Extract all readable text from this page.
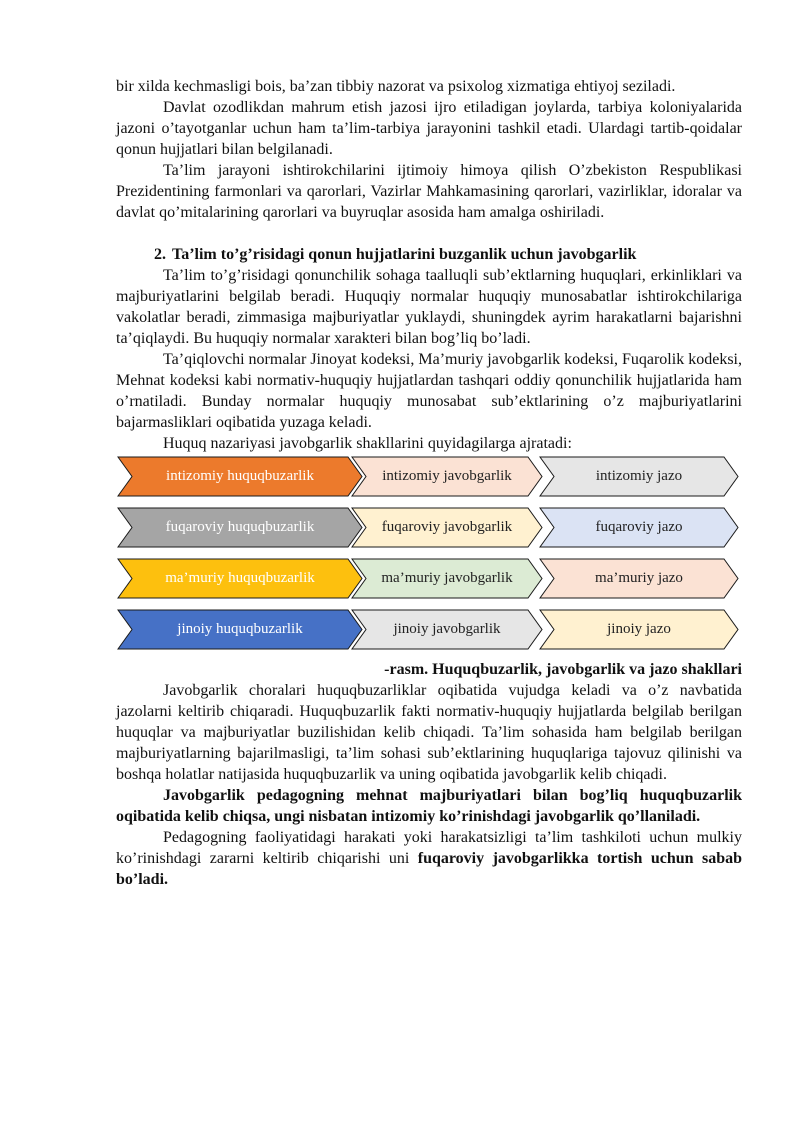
bir xilda kechmasligi bois, ba’zan tibbiy nazorat va psixolog xizmatiga ehtiyoj seziladi.

Davlat ozodlikdan mahrum etish jazosi ijro etiladigan joylarda, tarbiya koloniyalarida jazoni o’tayotganlar uchun ham ta’lim-tarbiya jarayonini tashkil etadi. Ulardagi tartib-qoidalar qonun hujjatlari bilan belgilanadi.

Ta’lim jarayoni ishtirokchilarini ijtimoiy himoya qilish O’zbekiston Respublikasi Prezidentining farmonlari va qarorlari, Vazirlar Mahkamasining qarorlari, vazirliklar, idoralar va davlat qo’mitalarining qarorlari va buyruqlar asosida ham amalga oshiriladi.

2. Ta’lim to’g’risidagi qonun hujjatlarini buzganlik uchun javobgarlik

Ta’lim to’g’risidagi qonunchilik sohaga taalluqli sub’ektlarning huquqlari, erkinliklari va majburiyatlarini belgilab beradi. Huquqiy normalar huquqiy munosabatlar ishtirokchilariga vakolatlar beradi, zimmasiga majburiyatlar yuklaydi, shuningdek ayrim harakatlarni bajarishni ta’qiqlaydi. Bu huquqiy normalar xarakteri bilan bog’liq bo’ladi.

Ta’qiqlovchi normalar Jinoyat kodeksi, Ma’muriy javobgarlik kodeksi, Fuqarolik kodeksi, Mehnat kodeksi kabi normativ-huquqiy hujjatlardan tashqari oddiy qonunchilik hujjatlarida ham o’rnatiladi. Bunday normalar huquqiy munosabat sub’ektlarining o’z majburiyatlarini bajarmasliklari oqibatida yuzaga keladi.

Huquq nazariyasi javobgarlik shakllarini quyidagilarga ajratadi:

intizomiy huquqbuzarlik	intizomiy javobgarlik	intizomiy jazo
fuqaroviy huquqbuzarlik	fuqaroviy javobgarlik	fuqaroviy jazo
ma’muriy huquqbuzarlik	ma’muriy javobgarlik	ma’muriy jazo
jinoiy huquqbuzarlik	jinoiy javobgarlik	jinoiy jazo

-rasm. Huquqbuzarlik, javobgarlik va jazo shakllari

Javobgarlik choralari huquqbuzarliklar oqibatida vujudga keladi va o’z navbatida jazolarni keltirib chiqaradi. Huquqbuzarlik fakti normativ-huquqiy hujjatlarda belgilab berilgan huquqlar va majburiyatlar buzilishidan kelib chiqadi. Ta’lim sohasida ham belgilab berilgan majburiyatlarning bajarilmasligi, ta’lim sohasi sub’ektlarining huquqlariga tajovuz qilinishi va boshqa holatlar natijasida huquqbuzarlik va uning oqibatida javobgarlik kelib chiqadi.

Javobgarlik pedagogning mehnat majburiyatlari bilan bog’liq huquqbuzarlik oqibatida kelib chiqsa, ungi nisbatan intizomiy ko’rinishdagi javobgarlik qo’llaniladi.

Pedagogning faoliyatidagi harakati yoki harakatsizligi ta’lim tashkiloti uchun mulkiy ko’rinishdagi zararni keltirib chiqarishi uni fuqaroviy javobgarlikka tortish uchun sabab bo’ladi.
